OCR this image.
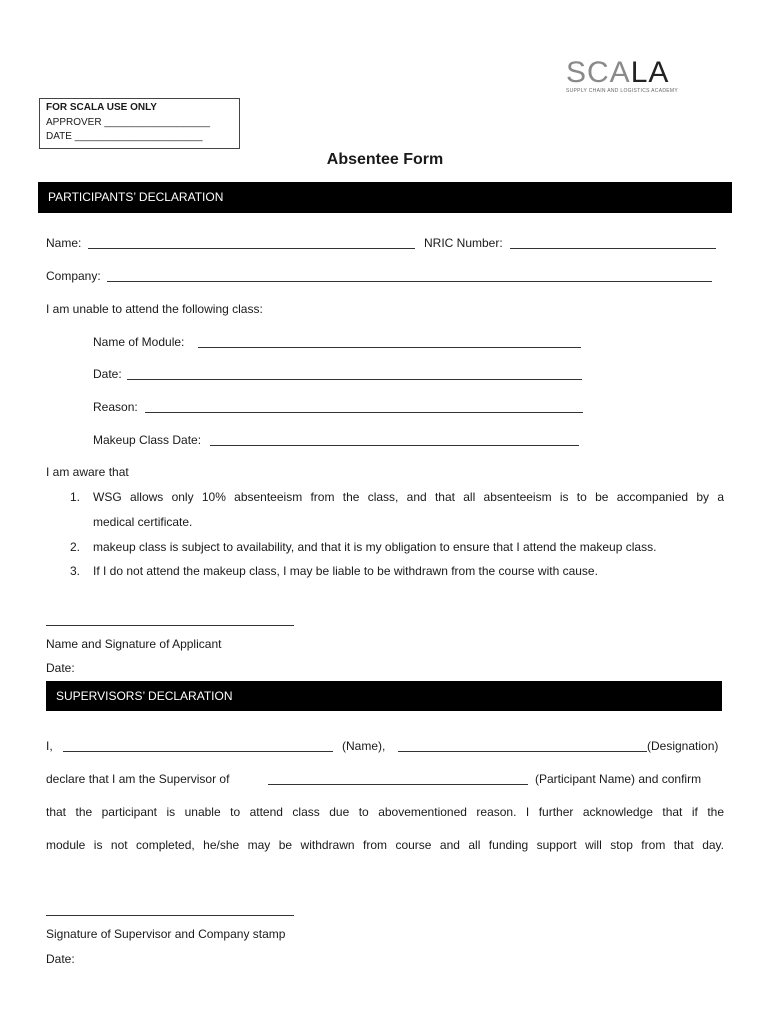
SCALA
SUPPLY CHAIN AND LOGISTICS ACADEMY
FOR SCALA USE ONLY
APPROVER ___________________
DATE _______________________
Absentee Form
PARTICIPANTS’ DECLARATION
Name:	NRIC Number:
Company:
I am unable to attend the following class:
Name of Module:
Date:
Reason:
Makeup Class Date:
I am aware that
1. WSG allows only 10% absenteeism from the class, and that all absenteeism is to be accompanied by a
medical certificate.
2. makeup class is subject to availability, and that it is my obligation to ensure that I attend the makeup class.
3. If I do not attend the makeup class, I may be liable to be withdrawn from the course with cause.
Name and Signature of Applicant
Date:
SUPERVISORS’ DECLARATION
I,	(Name),	(Designation)
declare that I am the Supervisor of	(Participant Name) and confirm
that the participant is unable to attend class due to abovementioned reason. I further acknowledge that if the
module is not completed, he/she may be withdrawn from course and all funding support will stop from that day.
Signature of Supervisor and Company stamp
Date:
